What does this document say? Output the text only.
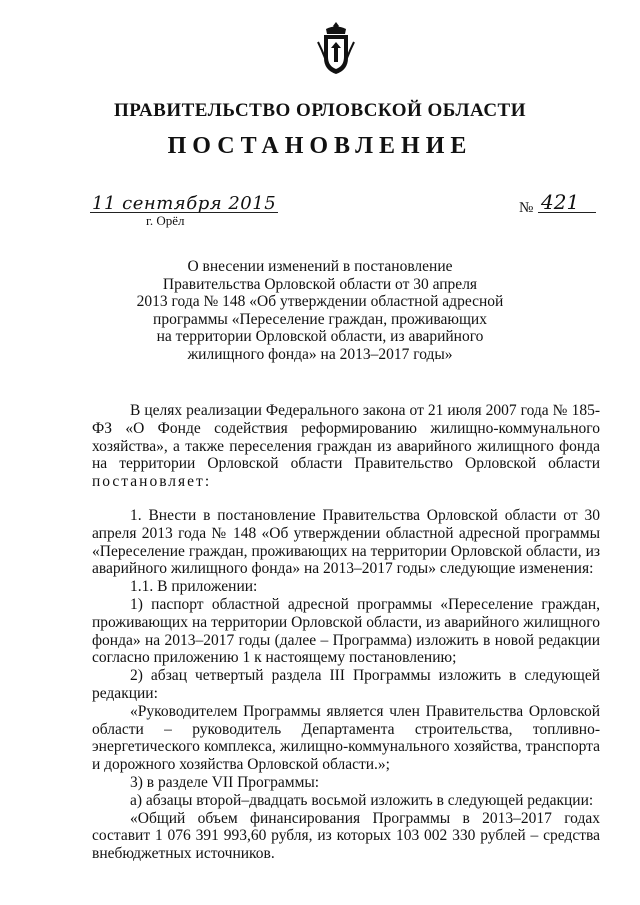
ПРАВИТЕЛЬСТВО ОРЛОВСКОЙ ОБЛАСТИ
ПОСТАНОВЛЕНИЕ
11 сентября 2015
г. Орёл
№ 421
О внесении изменений в постановление
Правительства Орловской области от 30 апреля
2013 года № 148 «Об утверждении областной адресной
программы «Переселение граждан, проживающих
на территории Орловской области, из аварийного
жилищного фонда» на 2013–2017 годы»

В целях реализации Федерального закона от 21 июля 2007 года № 185-ФЗ «О Фонде содействия реформированию жилищно-коммунального хозяйства», а также переселения граждан из аварийного жилищного фонда на территории Орловской области Правительство Орловской области постановляет:

1. Внести в постановление Правительства Орловской области от 30 апреля 2013 года № 148 «Об утверждении областной адресной программы «Переселение граждан, проживающих на территории Орловской области, из аварийного жилищного фонда» на 2013–2017 годы» следующие изменения:

1.1. В приложении:

1) паспорт областной адресной программы «Переселение граждан, проживающих на территории Орловской области, из аварийного жилищного фонда» на 2013–2017 годы (далее – Программа) изложить в новой редакции согласно приложению 1 к настоящему постановлению;

2) абзац четвертый раздела III Программы изложить в следующей редакции:

«Руководителем Программы является член Правительства Орловской области – руководитель Департамента строительства, топливно-энергетического комплекса, жилищно-коммунального хозяйства, транспорта и дорожного хозяйства Орловской области.»;

3) в разделе VII Программы:

а) абзацы второй–двадцать восьмой изложить в следующей редакции:

«Общий объем финансирования Программы в 2013–2017 годах составит 1 076 391 993,60 рубля, из которых 103 002 330 рублей – средства внебюджетных источников.
